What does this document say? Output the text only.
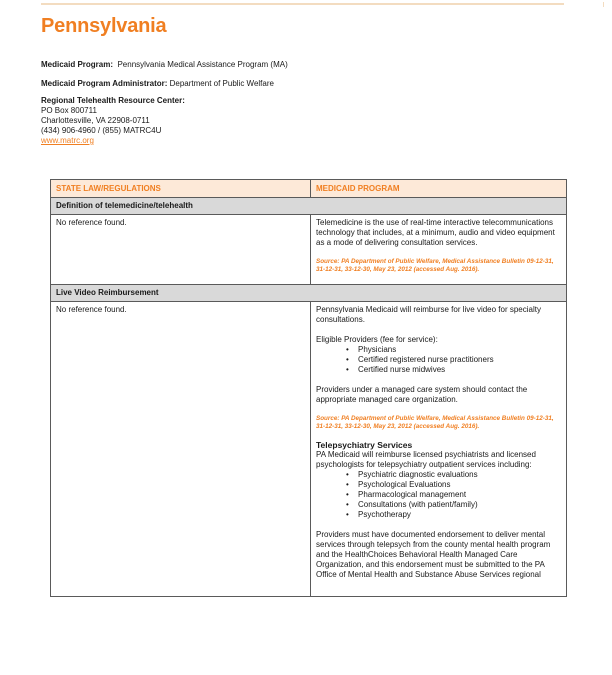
Pennsylvania
Medicaid Program: Pennsylvania Medical Assistance Program (MA)
Medicaid Program Administrator: Department of Public Welfare
Regional Telehealth Resource Center:
PO Box 800711
Charlottesville, VA 22908-0711
(434) 906-4960 / (855) MATRC4U
www.matrc.org
STATE LAW/REGULATIONS	MEDICAID PROGRAM
Definition of telemedicine/telehealth	
No reference found.	Telemedicine is the use of real-time interactive telecommunications technology that includes, at a minimum, audio and video equipment as a mode of delivering consultation services.

Source: PA Department of Public Welfare, Medical Assistance Bulletin 09-12-31, 31-12-31, 33-12-30, May 23, 2012 (accessed Aug. 2016).

Live Video Reimbursement	
No reference found.	Pennsylvania Medicaid will reimburse for live video for specialty consultations.

Eligible Providers (fee for service):
• Physicians
• Certified registered nurse practitioners
• Certified nurse midwives

Providers under a managed care system should contact the appropriate managed care organization.

Source: PA Department of Public Welfare, Medical Assistance Bulletin 09-12-31, 31-12-31, 33-12-30, May 23, 2012 (accessed Aug. 2016).

Telepsychiatry Services
PA Medicaid will reimburse licensed psychiatrists and licensed psychologists for telepsychiatry outpatient services including:
• Psychiatric diagnostic evaluations
• Psychological Evaluations
• Pharmacological management
• Consultations (with patient/family)
• Psychotherapy

Providers must have documented endorsement to deliver mental services through telepsych from the county mental health program and the HealthChoices Behavioral Health Managed Care Organization, and this endorsement must be submitted to the PA Office of Mental Health and Substance Abuse Services regional
